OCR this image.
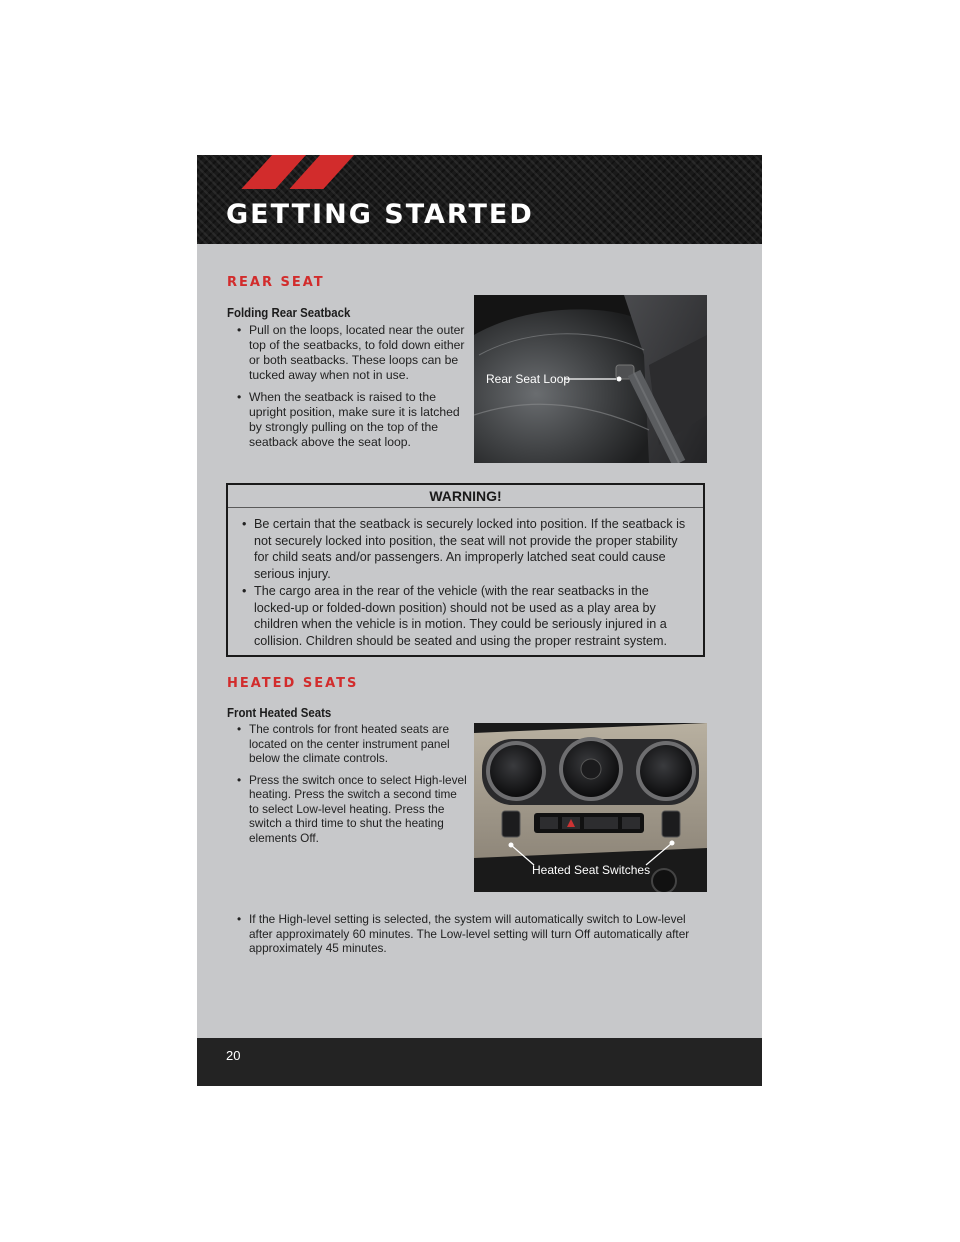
GETTING STARTED
REAR SEAT
Folding Rear Seatback
• Pull on the loops, located near the outer top of the seatbacks, to fold down either or both seatbacks. These loops can be tucked away when not in use.
• When the seatback is raised to the upright position, make sure it is latched by strongly pulling on the top of the seatback above the seat loop.
Rear Seat Loop
WARNING!
• Be certain that the seatback is securely locked into position. If the seatback is not securely locked into position, the seat will not provide the proper stability for child seats and/or passengers. An improperly latched seat could cause serious injury.
• The cargo area in the rear of the vehicle (with the rear seatbacks in the locked-up or folded-down position) should not be used as a play area by children when the vehicle is in motion. They could be seriously injured in a collision. Children should be seated and using the proper restraint system.
HEATED SEATS
Front Heated Seats
• The controls for front heated seats are located on the center instrument panel below the climate controls.
• Press the switch once to select High-level heating. Press the switch a second time to select Low-level heating. Press the switch a third time to shut the heating elements Off.
Heated Seat Switches
• If the High-level setting is selected, the system will automatically switch to Low-level after approximately 60 minutes. The Low-level setting will turn Off automatically after approximately 45 minutes.
20
